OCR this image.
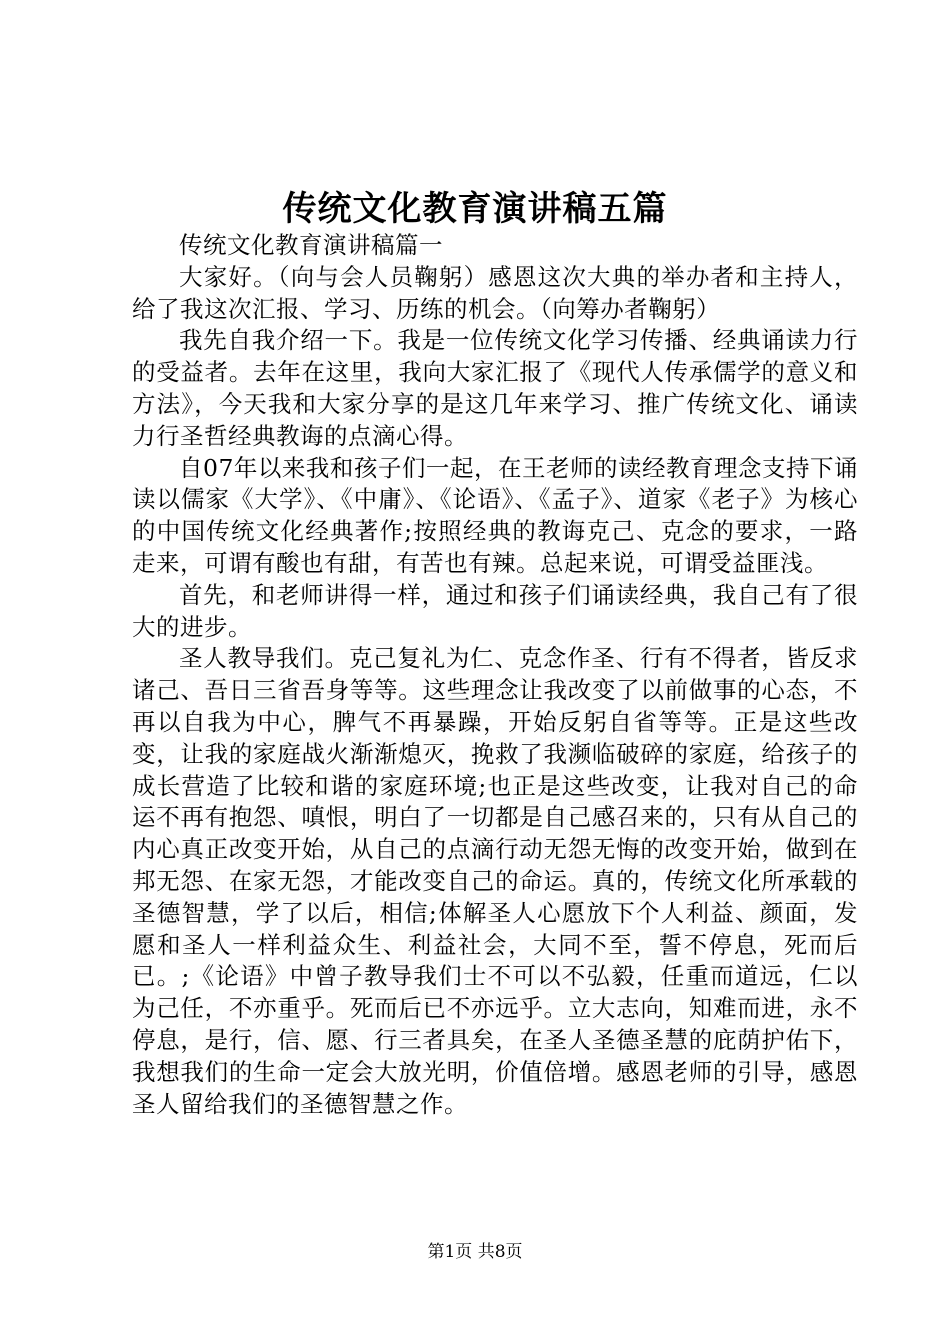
传统文化教育演讲稿五篇

传统文化教育演讲稿篇一

大家好。（向与会人员鞠躬）感恩这次大典的举办者和主持人，给了我这次汇报、学习、历练的机会。（向筹办者鞠躬）

我先自我介绍一下。我是一位传统文化学习传播、经典诵读力行的受益者。去年在这里，我向大家汇报了《现代人传承儒学的意义和方法》，今天我和大家分享的是这几年来学习、推广传统文化、诵读力行圣哲经典教诲的点滴心得。

自07年以来我和孩子们一起，在王老师的读经教育理念支持下诵读以儒家《大学》、《中庸》、《论语》、《孟子》、道家《老子》为核心的中国传统文化经典著作;按照经典的教诲克己、克念的要求，一路走来，可谓有酸也有甜，有苦也有辣。总起来说，可谓受益匪浅。

首先，和老师讲得一样，通过和孩子们诵读经典，我自己有了很大的进步。

圣人教导我们。克己复礼为仁、克念作圣、行有不得者，皆反求诸己、吾日三省吾身等等。这些理念让我改变了以前做事的心态，不再以自我为中心，脾气不再暴躁，开始反躬自省等等。正是这些改变，让我的家庭战火渐渐熄灭，挽救了我濒临破碎的家庭，给孩子的成长营造了比较和谐的家庭环境;也正是这些改变，让我对自己的命运不再有抱怨、嗔恨，明白了一切都是自己感召来的，只有从自己的内心真正改变开始，从自己的点滴行动无怨无悔的改变开始，做到在邦无怨、在家无怨，才能改变自己的命运。真的，传统文化所承载的圣德智慧，学了以后，相信;体解圣人心愿放下个人利益、颜面，发愿和圣人一样利益众生、利益社会，大同不至，誓不停息，死而后已。;《论语》中曾子教导我们士不可以不弘毅，任重而道远，仁以为己任，不亦重乎。死而后已不亦远乎。立大志向，知难而进，永不停息，是行，信、愿、行三者具矣，在圣人圣德圣慧的庇荫护佑下，我想我们的生命一定会大放光明，价值倍增。感恩老师的引导，感恩圣人留给我们的圣德智慧之作。

第1页 共8页
